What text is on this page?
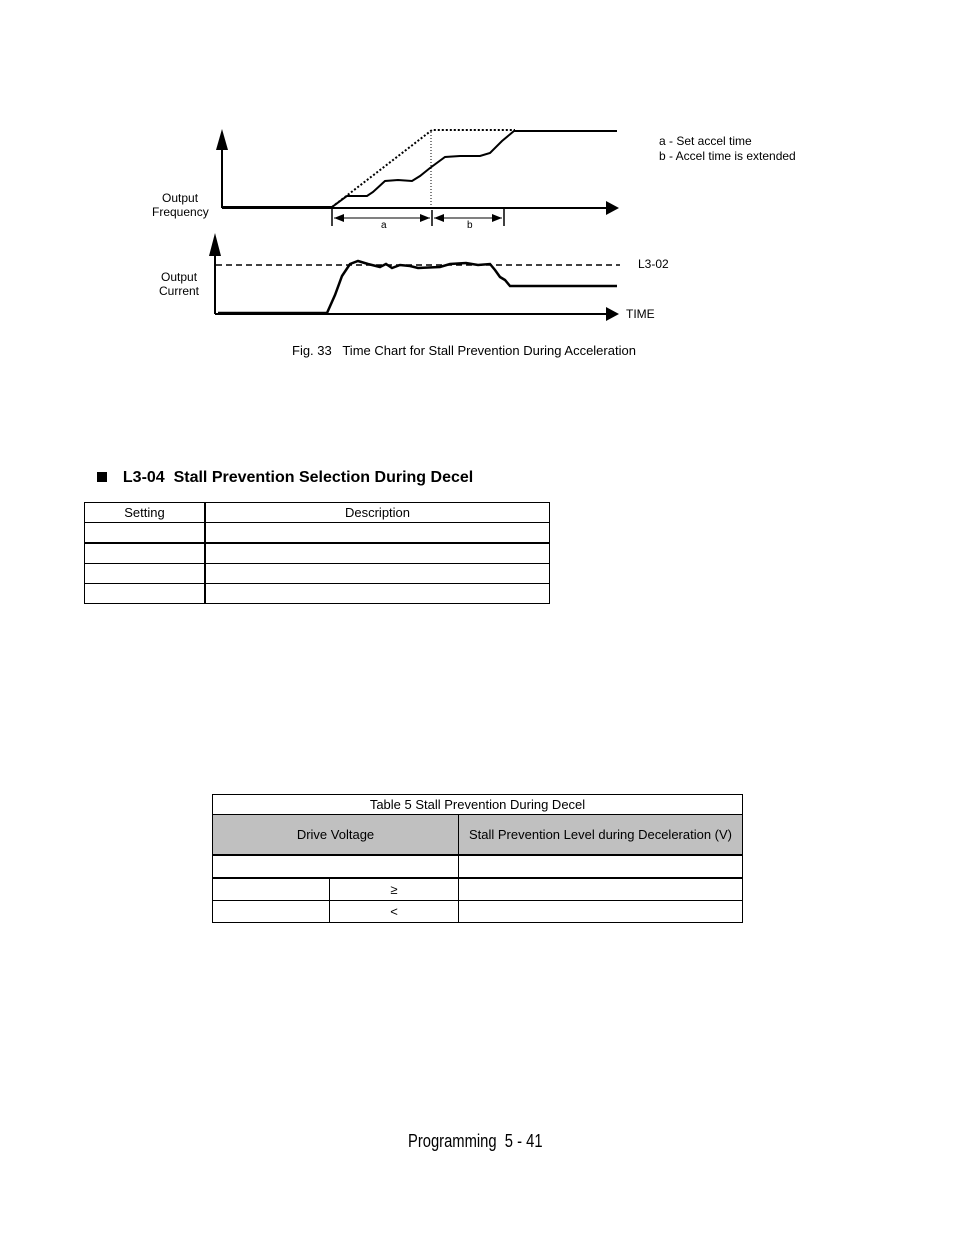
a	b
Output
Frequency
Output
Current
a - Set accel time
b - Accel time is extended
L3-02
TIME
Fig. 33   Time Chart for Stall Prevention During Acceleration

L3-04  Stall Prevention Selection During Decel

Setting	Description

Table 5 Stall Prevention During Decel		
Drive Voltage		Stall Prevention Level during Deceleration (V)

	≥	
	<	
Programming  5 - 41
